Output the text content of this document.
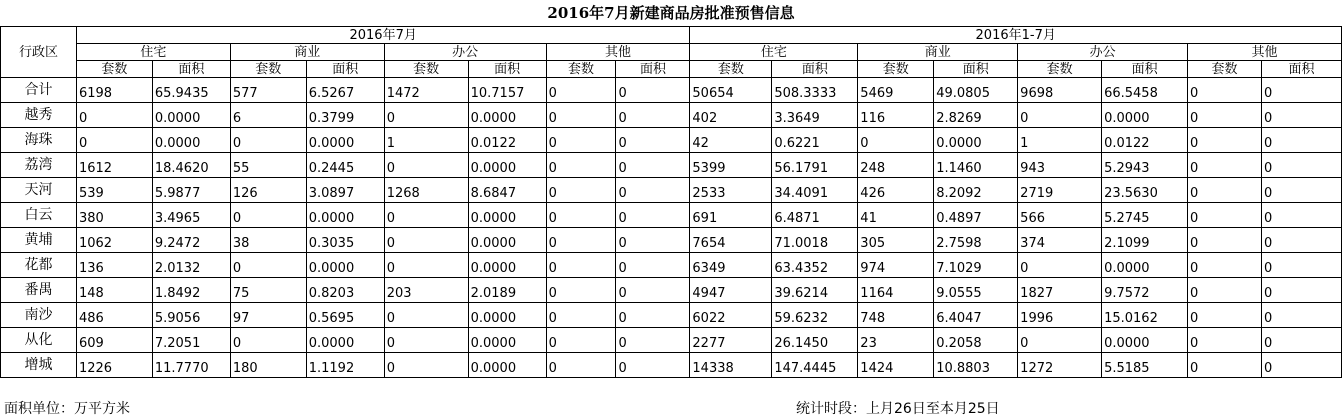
2016年7月新建商品房批准预售信息																
行政区	2016年7月								2016年1-7月							
	住宅		商业		办公		其他		住宅		商业		办公		其他	
	套数	面积	套数	面积	套数	面积	套数	面积	套数	面积	套数	面积	套数	面积	套数	面积
合计	6198	65.9435	577	6.5267	1472	10.7157	0	0	50654	508.3333	5469	49.0805	9698	66.5458	0	0
越秀	0	0.0000	6	0.3799	0	0.0000	0	0	402	3.3649	116	2.8269	0	0.0000	0	0
海珠	0	0.0000	0	0.0000	1	0.0122	0	0	42	0.6221	0	0.0000	1	0.0122	0	0
荔湾	1612	18.4620	55	0.2445	0	0.0000	0	0	5399	56.1791	248	1.1460	943	5.2943	0	0
天河	539	5.9877	126	3.0897	1268	8.6847	0	0	2533	34.4091	426	8.2092	2719	23.5630	0	0
白云	380	3.4965	0	0.0000	0	0.0000	0	0	691	6.4871	41	0.4897	566	5.2745	0	0
黄埔	1062	9.2472	38	0.3035	0	0.0000	0	0	7654	71.0018	305	2.7598	374	2.1099	0	0
花都	136	2.0132	0	0.0000	0	0.0000	0	0	6349	63.4352	974	7.1029	0	0.0000	0	0
番禺	148	1.8492	75	0.8203	203	2.0189	0	0	4947	39.6214	1164	9.0555	1827	9.7572	0	0
南沙	486	5.9056	97	0.5695	0	0.0000	0	0	6022	59.6232	748	6.4047	1996	15.0162	0	0
从化	609	7.2051	0	0.0000	0	0.0000	0	0	2277	26.1450	23	0.2058	0	0.0000	0	0
增城	1226	11.7770	180	1.1192	0	0.0000	0	0	14338	147.4445	1424	10.8803	1272	5.5185	0	0
面积单位：万平方米	统计时段：上月26日至本月25日
